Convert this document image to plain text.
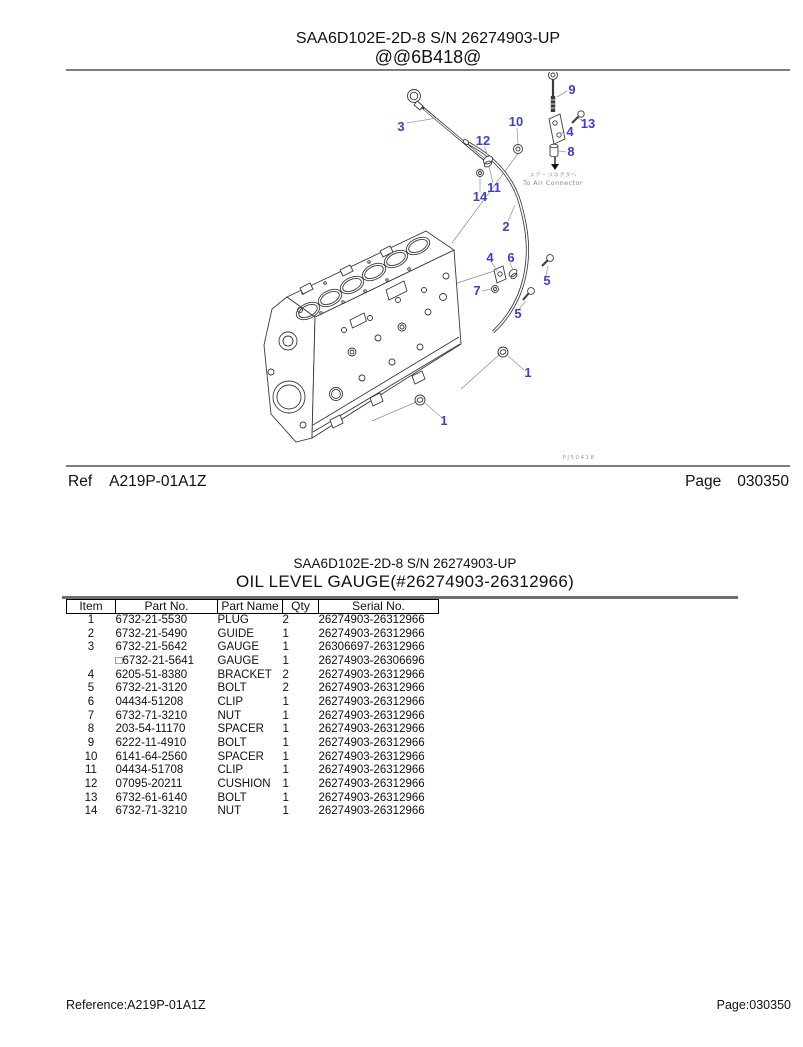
SAA6D102E-2D-8 S/N 26274903-UP
@@6B418@
3
9
10	13
4
8
12
11
14
2
4 6
7
5
5
1
1
エア・コネクタヘ
To Air Connector
PJ50418
Ref A219P-01A1Z	Page 030350
SAA6D102E-2D-8 S/N 26274903-UP
OIL LEVEL GAUGE(#26274903-26312966)
Item	Part No.	Part Name	Qty	Serial No.
1	6732-21-5530	PLUG	2	26274903-26312966
2	6732-21-5490	GUIDE	1	26274903-26312966
3	6732-21-5642	GAUGE	1	26306697-26312966
	□6732-21-5641	GAUGE	1	26274903-26306696
4	6205-51-8380	BRACKET	2	26274903-26312966
5	6732-21-3120	BOLT	2	26274903-26312966
6	04434-51208	CLIP	1	26274903-26312966
7	6732-71-3210	NUT	1	26274903-26312966
8	203-54-11170	SPACER	1	26274903-26312966
9	6222-11-4910	BOLT	1	26274903-26312966
10	6141-64-2560	SPACER	1	26274903-26312966
11	04434-51708	CLIP	1	26274903-26312966
12	07095-20211	CUSHION	1	26274903-26312966
13	6732-61-6140	BOLT	1	26274903-26312966
14	6732-71-3210	NUT	1	26274903-26312966
Reference:A219P-01A1Z	Page:030350
